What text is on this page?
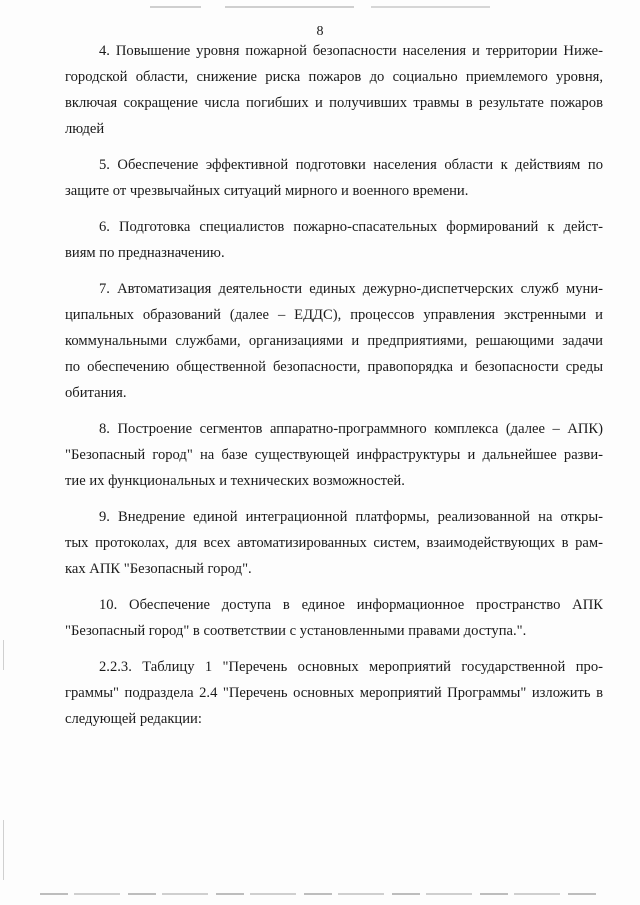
8
4. Повышение уровня пожарной безопасности населения и территории Ниже-
городской области, снижение риска пожаров до социально приемлемого уровня,
включая сокращение числа погибших и получивших травмы в результате пожаров
людей
5. Обеспечение эффективной подготовки населения области к действиям по
защите от чрезвычайных ситуаций мирного и военного времени.
6. Подготовка специалистов пожарно-спасательных формирований к дейст-
виям по предназначению.
7. Автоматизация деятельности единых дежурно-диспетчерских служб муни-
ципальных образований (далее – ЕДДС), процессов управления экстренными и
коммунальными службами, организациями и предприятиями, решающими задачи
по обеспечению общественной безопасности, правопорядка и безопасности среды
обитания.
8. Построение сегментов аппаратно-программного комплекса (далее – АПК)
"Безопасный город" на базе существующей инфраструктуры и дальнейшее разви-
тие их функциональных и технических возможностей.
9. Внедрение единой интеграционной платформы, реализованной на откры-
тых протоколах, для всех автоматизированных систем, взаимодействующих в рам-
ках АПК "Безопасный город".
10. Обеспечение доступа в единое информационное пространство АПК
"Безопасный город" в соответствии с установленными правами доступа.".
2.2.3. Таблицу 1 "Перечень основных мероприятий государственной про-
граммы" подраздела 2.4 "Перечень основных мероприятий Программы" изложить в
следующей редакции:
